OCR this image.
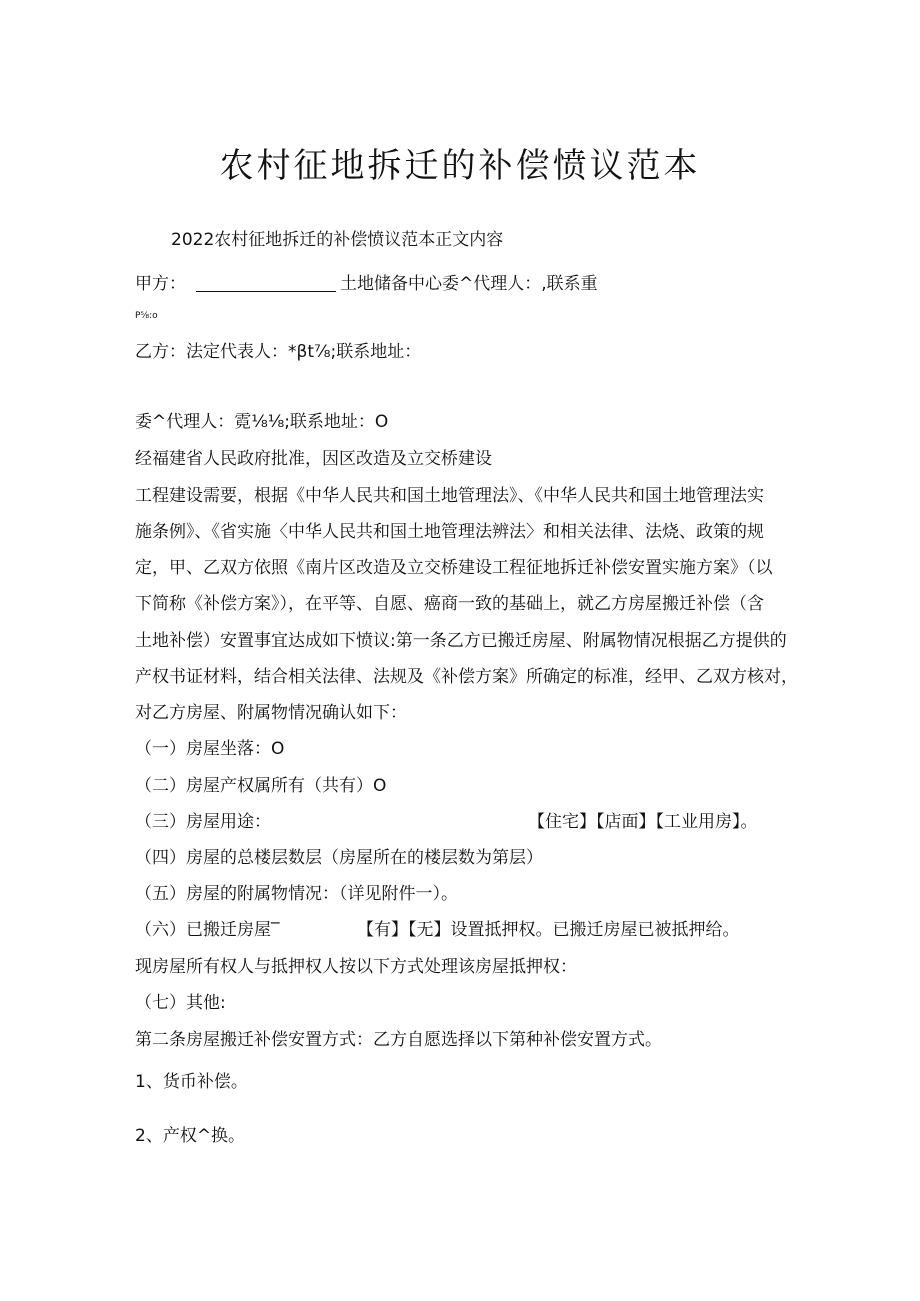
农村征地拆迁的补偿愤议范本

2022农村征地拆迁的补偿愤议范本正文内容

甲方：	土地储备中心委^代理人：,联系重

P⅝:o

乙方：法定代表人：*βt⅞;联系地址：

委^代理人：霓⅛⅛;联系地址：O

经福建省人民政府批准，因区改造及立交桥建设

工程建设需要，根据《中华人民共和国土地管理法》、《中华人民共和国土地管理法实

施条例》、《省实施〈中华人民共和国土地管理法辨法〉和相关法律、法烧、政策的规

定，甲、乙双方依照《南片区改造及立交桥建设工程征地拆迁补偿安置实施方案》（以

下简称《补偿方案》），在平等、自愿、癌商一致的基础上，就乙方房屋搬迁补偿（含

土地补偿）安置事宜达成如下愤议:第一条乙方已搬迁房屋、附属物情况根据乙方提供的

产权书证材料，结合相关法律、法规及《补偿方案》所确定的标准，经甲、乙双方核对，

对乙方房屋、附属物情况确认如下：

（一）房屋坐落：O

（二）房屋产权属所有（共有）O

（三）房屋用途：	【住宅】【店面】【工业用房】。

（四）房屋的总楼层数层（房屋所在的楼层数为第层）

（五）房屋的附属物情况：（详见附件一）。

（六）已搬迁房屋‾	【有】【无】设置抵押权。已搬迁房屋已被抵押给。

现房屋所有权人与抵押权人按以下方式处理该房屋抵押权：

（七）其他:

第二条房屋搬迁补偿安置方式：乙方自愿选择以下第种补偿安置方式。

1、货币补偿。

2、产权^换。
